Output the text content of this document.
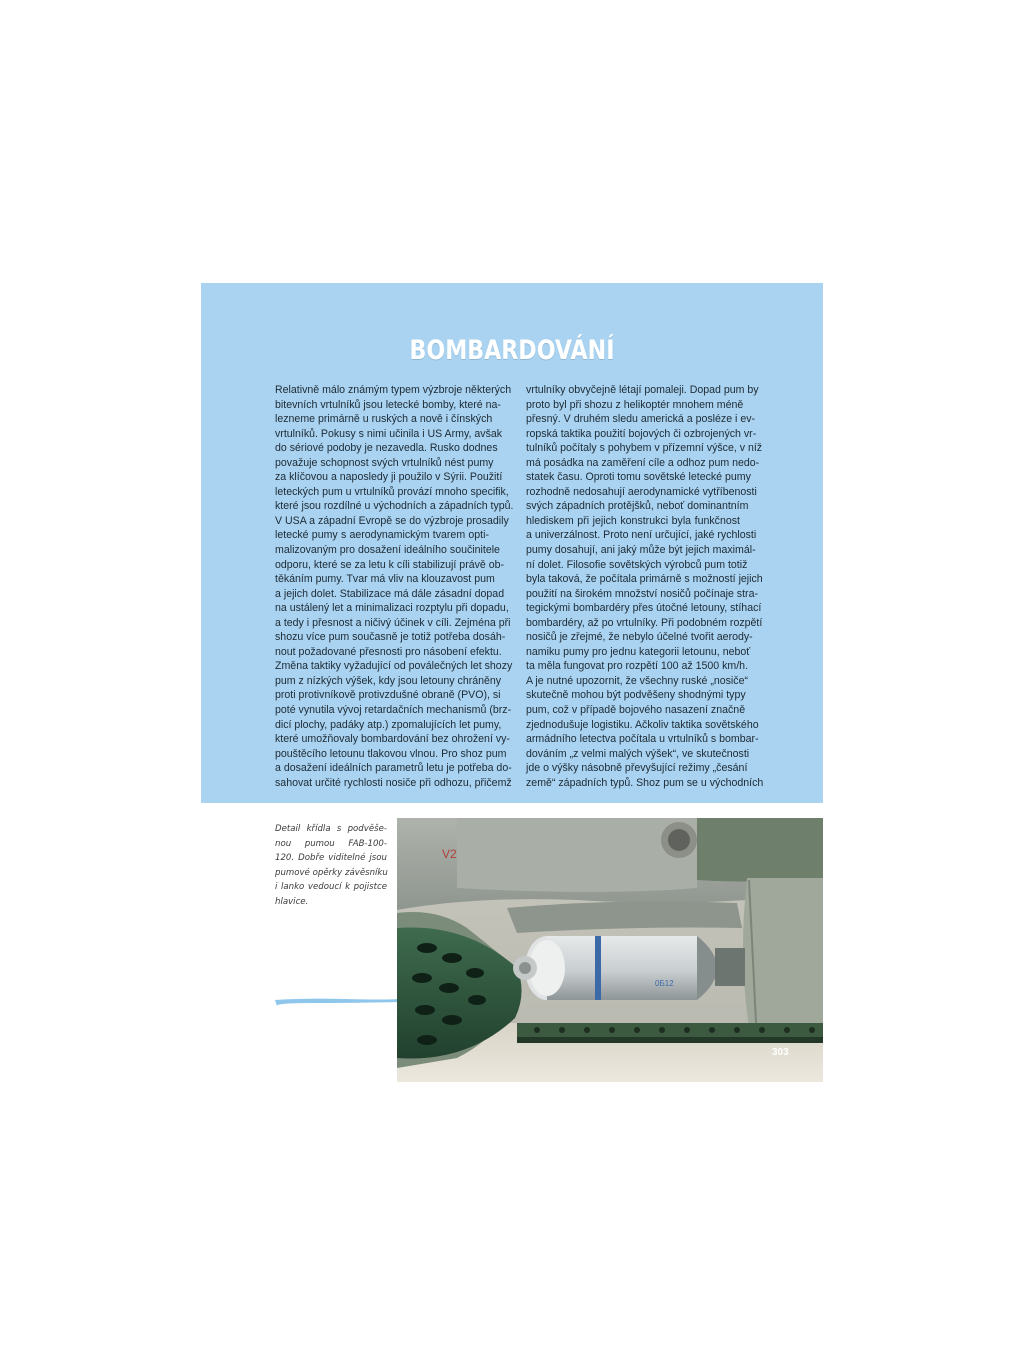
BOMBARDOVÁNÍ
Relativně málo známým typem výzbroje některých
bitevních vrtulníků jsou letecké bomby, které na-
lezneme primárně u ruských a nově i čínských
vrtulníků. Pokusy s nimi učinila i US Army, avšak
do sériové podoby je nezavedla. Rusko dodnes
považuje schopnost svých vrtulníků nést pumy
za klíčovou a naposledy ji použilo v Sýrii. Použití
leteckých pum u vrtulníků provází mnoho specifik,
které jsou rozdílné u východních a západních typů.
V USA a západní Evropě se do výzbroje prosadily
letecké pumy s aerodynamickým tvarem opti-
malizovaným pro dosažení ideálního součinitele
odporu, které se za letu k cíli stabilizují právě ob-
těkáním pumy. Tvar má vliv na klouzavost pum
a jejich dolet. Stabilizace má dále zásadní dopad
na ustálený let a minimalizaci rozptylu při dopadu,
a tedy i přesnost a ničivý účinek v cíli. Zejména při
shozu více pum současně je totiž potřeba dosáh-
nout požadované přesnosti pro násobení efektu.
Změna taktiky vyžadující od poválečných let shozy
pum z nízkých výšek, kdy jsou letouny chráněny
proti protivníkově protivzdušné obraně (PVO), si
poté vynutila vývoj retardačních mechanismů (brz-
dicí plochy, padáky atp.) zpomalujících let pumy,
které umožňovaly bombardování bez ohrožení vy-
pouštěcího letounu tlakovou vlnou. Pro shoz pum
a dosažení ideálních parametrů letu je potřeba do-
sahovat určité rychlosti nosiče při odhozu, přičemž
vrtulníky obvyčejně létají pomaleji. Dopad pum by
proto byl při shozu z helikoptér mnohem méně
přesný. V druhém sledu americká a posléze i ev-
ropská taktika použití bojových či ozbrojených vr-
tulníků počítaly s pohybem v přízemní výšce, v níž
má posádka na zaměření cíle a odhoz pum nedo-
statek času. Oproti tomu sovětské letecké pumy
rozhodně nedosahují aerodynamické vytříbenosti
svých západních protějšků, neboť dominantním
hlediskem při jejich konstrukci byla funkčnost
a univerzálnost. Proto není určující, jaké rychlosti
pumy dosahují, ani jaký může být jejich maximál-
ní dolet. Filosofie sovětských výrobců pum totiž
byla taková, že počítala primárně s možností jejich
použití na širokém množství nosičů počínaje stra-
tegickými bombardéry přes útočné letouny, stíhací
bombardéry, až po vrtulníky. Při podobném rozpětí
nosičů je zřejmé, že nebylo účelné tvořit aerody-
namiku pumy pro jednu kategorii letounu, neboť
ta měla fungovat pro rozpětí 100 až 1500 km/h.
A je nutné upozornit, že všechny ruské „nosiče“
skutečně mohou být podvěšeny shodnými typy
pum, což v případě bojového nasazení značně
zjednodušuje logistiku. Ačkoliv taktika sovětského
armádního letectva počítala u vrtulníků s bombar-
dováním „z velmi malých výšek“, ve skutečnosti
jde o výšky násobně převyšující režimy „česání
země“ západních typů. Shoz pum se u východních
Detail křídla s podvěše-
nou pumou FAB-100-
120. Dobře viditelné jsou
pumové opěrky závěsníku
i lanko vedoucí k pojistce
hlavice.
V2
0Б12
303
